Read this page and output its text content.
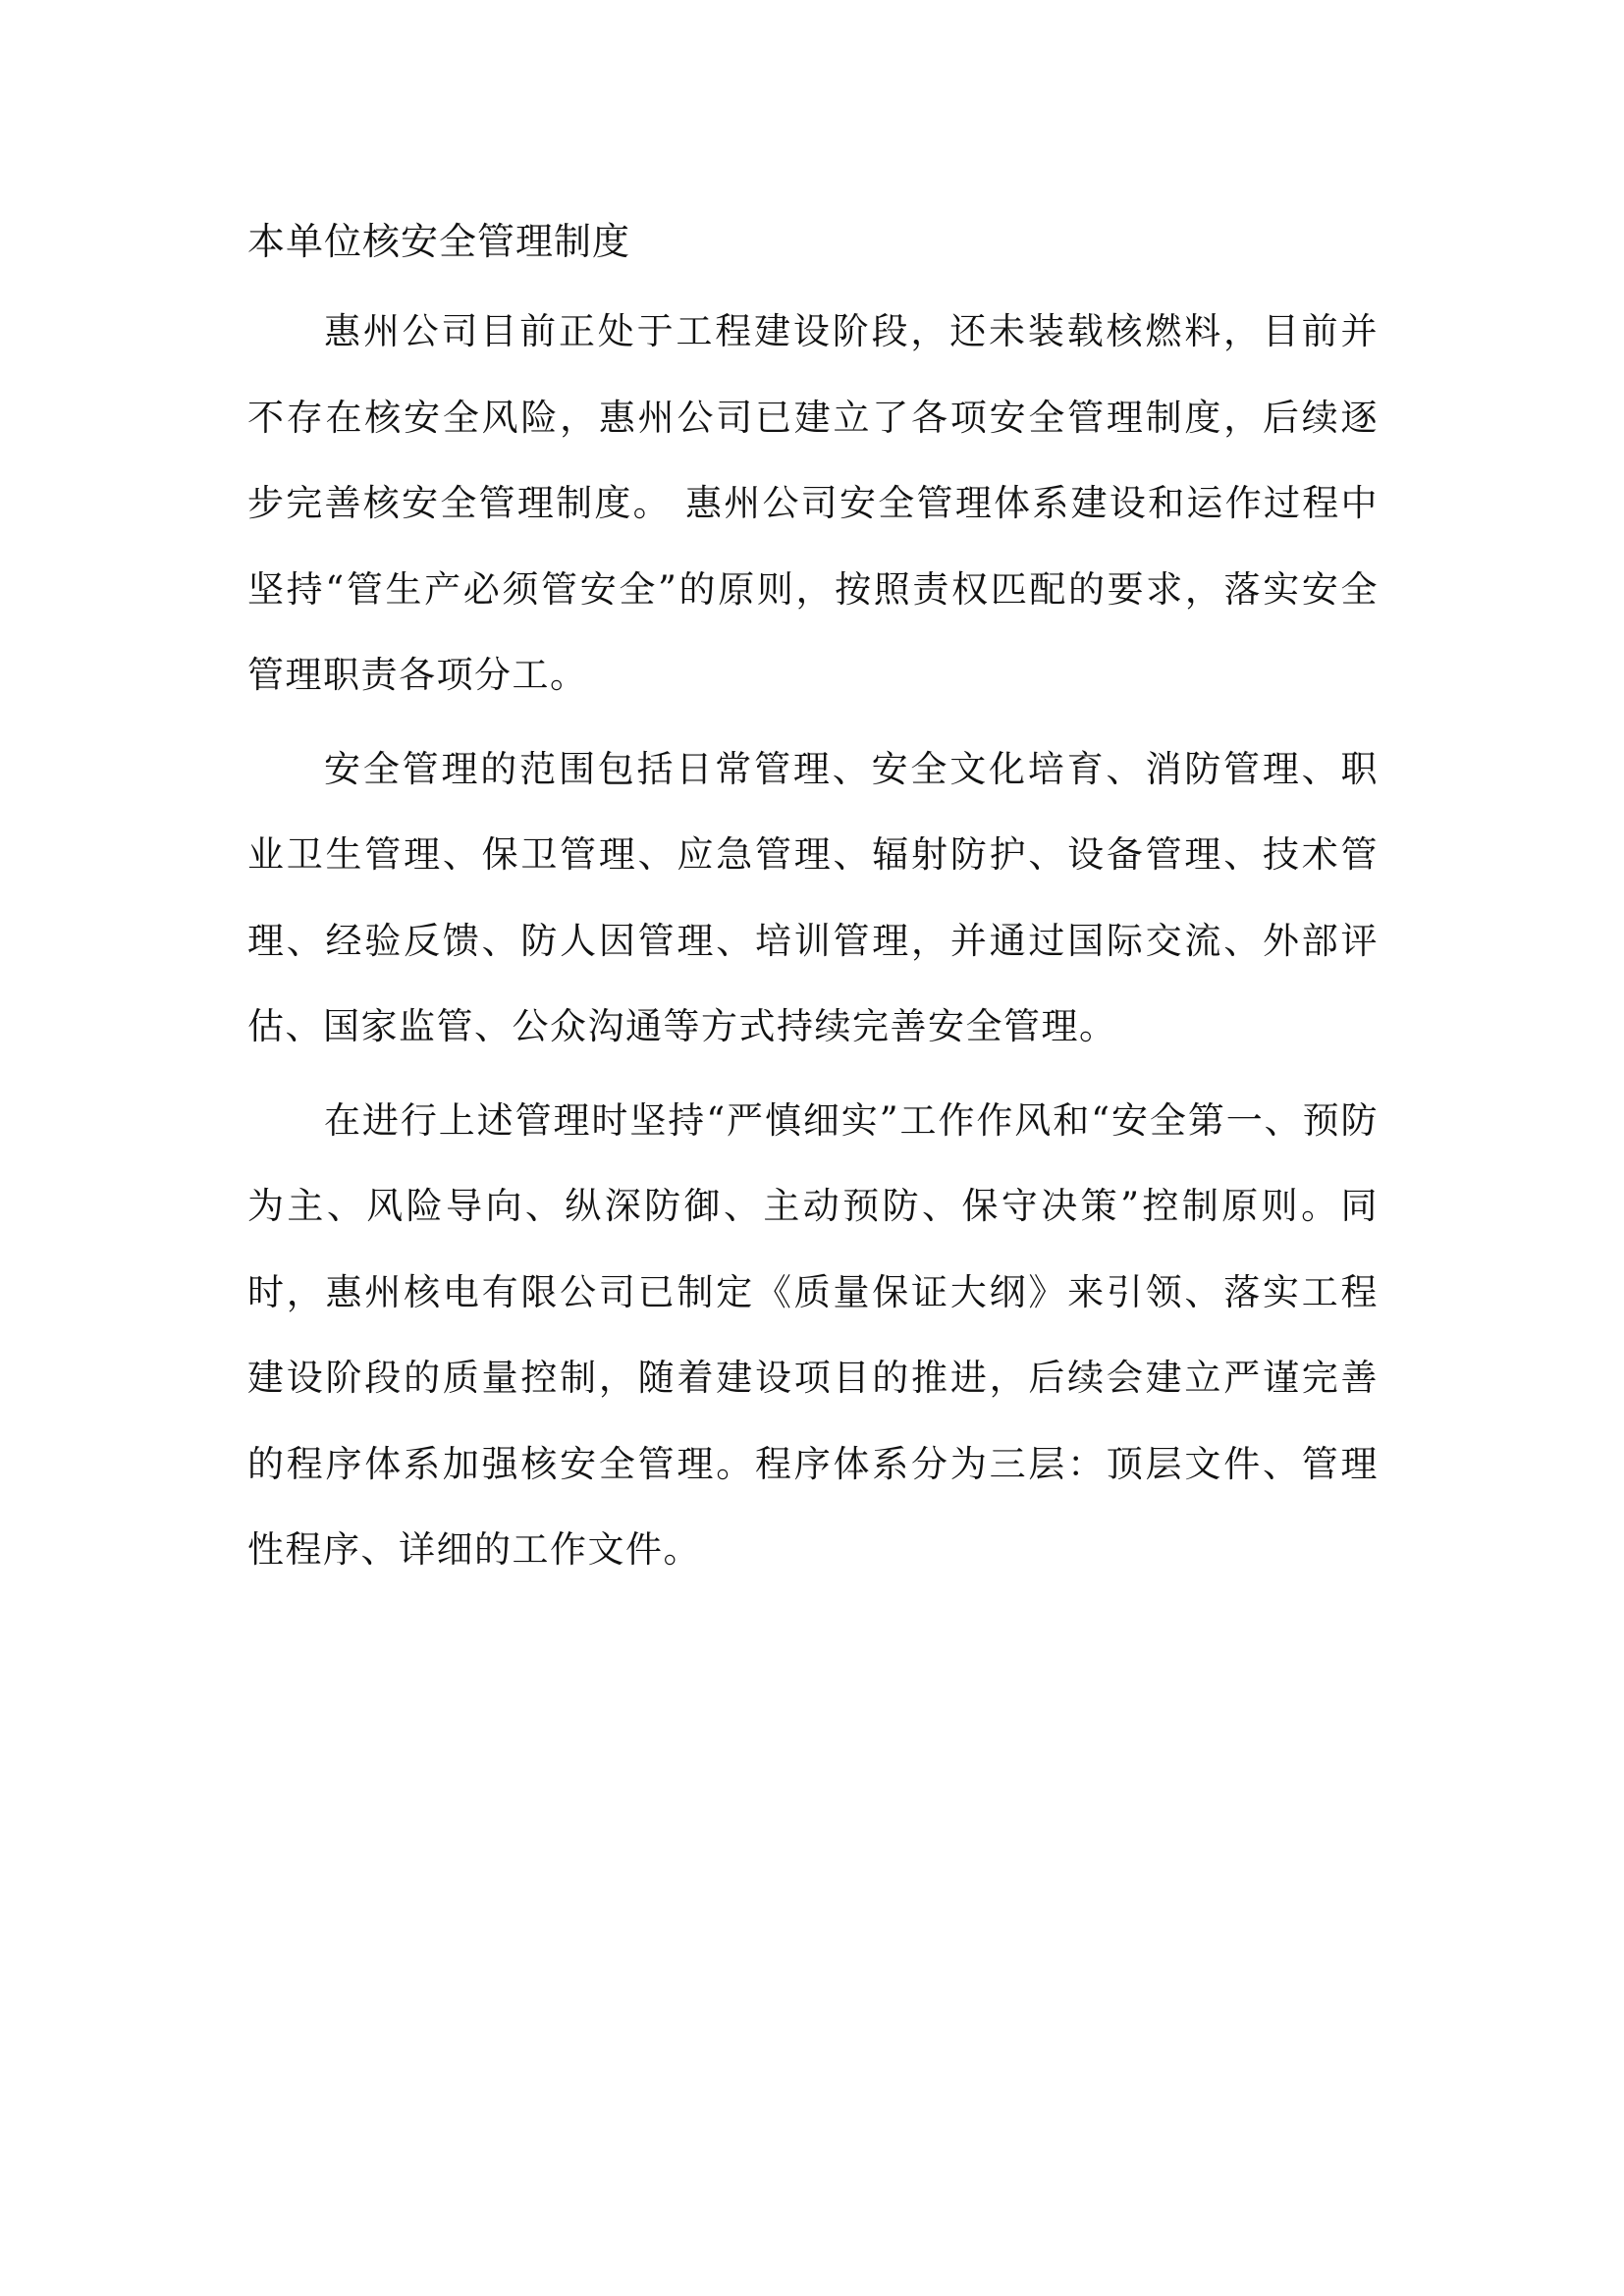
本单位核安全管理制度

惠州公司目前正处于工程建设阶段，还未装载核燃料，目前并不存在核安全风险，惠州公司已建立了各项安全管理制度，后续逐步完善核安全管理制度。 惠州公司安全管理体系建设和运作过程中坚持“管生产必须管安全”的原则，按照责权匹配的要求，落实安全管理职责各项分工。

安全管理的范围包括日常管理、安全文化培育、消防管理、职业卫生管理、保卫管理、应急管理、辐射防护、设备管理、技术管理、经验反馈、防人因管理、培训管理，并通过国际交流、外部评估、国家监管、公众沟通等方式持续完善安全管理。

在进行上述管理时坚持“严慎细实”工作作风和“安全第一、预防为主、风险导向、纵深防御、主动预防、保守决策”控制原则。同时，惠州核电有限公司已制定《质量保证大纲》来引领、落实工程建设阶段的质量控制，随着建设项目的推进，后续会建立严谨完善的程序体系加强核安全管理。程序体系分为三层：顶层文件、管理性程序、详细的工作文件。
